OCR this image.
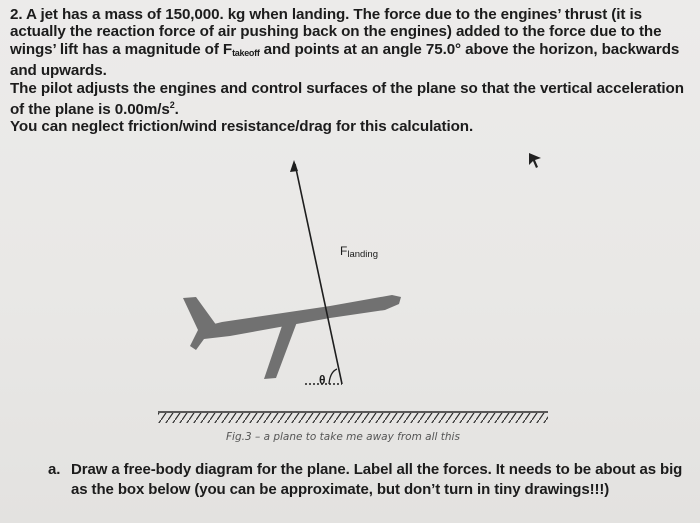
2. A jet has a mass of 150,000. kg when landing. The force due to the engines’ thrust (it is

actually the reaction force of air pushing back on the engines) added to the force due to the

wings’ lift has a magnitude of $F_{takeoff}$ and points at an angle 75.0° above the horizon, backwards

and upwards.

The pilot adjusts the engines and control surfaces of the plane so that the vertical acceleration

of the plane is $0.00m/s^2$.

You can neglect friction/wind resistance/drag for this calculation.

Flanding
θ
Fig.3 – a plane to take me away from all this
a. Draw a free-body diagram for the plane. Label all the forces. It needs to be about as big as the box below (you can be approximate, but don’t turn in tiny drawings!!!)
